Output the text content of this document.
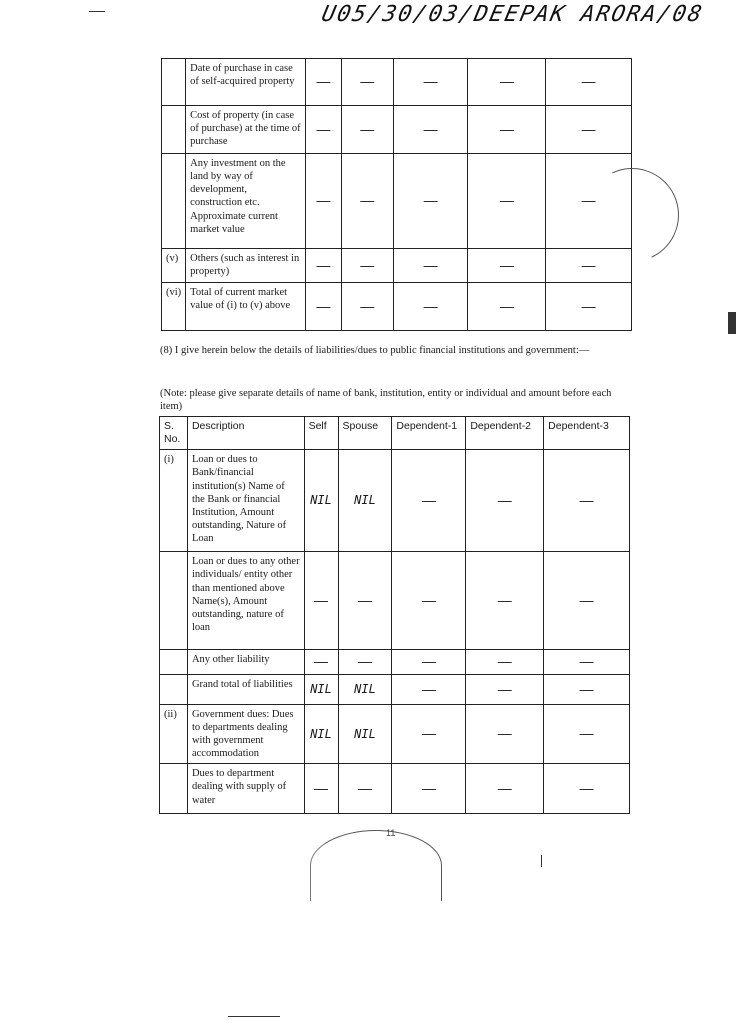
U05/30/03/DEEPAK ARORA/08
	Date of purchase in case of self-acquired property	—	—	—	—	—
	Cost of property (in case of purchase) at the time of purchase	—	—	—	—	—
	Any investment on the land by way of development, construction etc. Approximate current market value	—	—	—	—	—
(v)	Others (such as interest in property)	—	—	—	—	—
(vi)	Total of current market value of (i) to (v) above	—	—	—	—	—
(8) I give herein below the details of liabilities/dues to public financial institutions and government:—
(Note: please give separate details of name of bank, institution, entity or individual and amount before each item)
S. No.	Description	Self	Spouse	Dependent-1	Dependent-2	Dependent-3
(i)	Loan or dues to Bank/financial institution(s) Name of the Bank or financial Institution, Amount outstanding, Nature of Loan	NIL	NIL	—	—	—
	Loan or dues to any other individuals/ entity other than mentioned above Name(s), Amount outstanding, nature of loan	—	—	—	—	—
	Any other liability	—	—	—	—	—
	Grand total of liabilities	NIL	NIL	—	—	—
(ii)	Government dues: Dues to departments dealing with government accommodation	NIL	NIL	—	—	—
	Dues to department dealing with supply of water	—	—	—	—	—
11
